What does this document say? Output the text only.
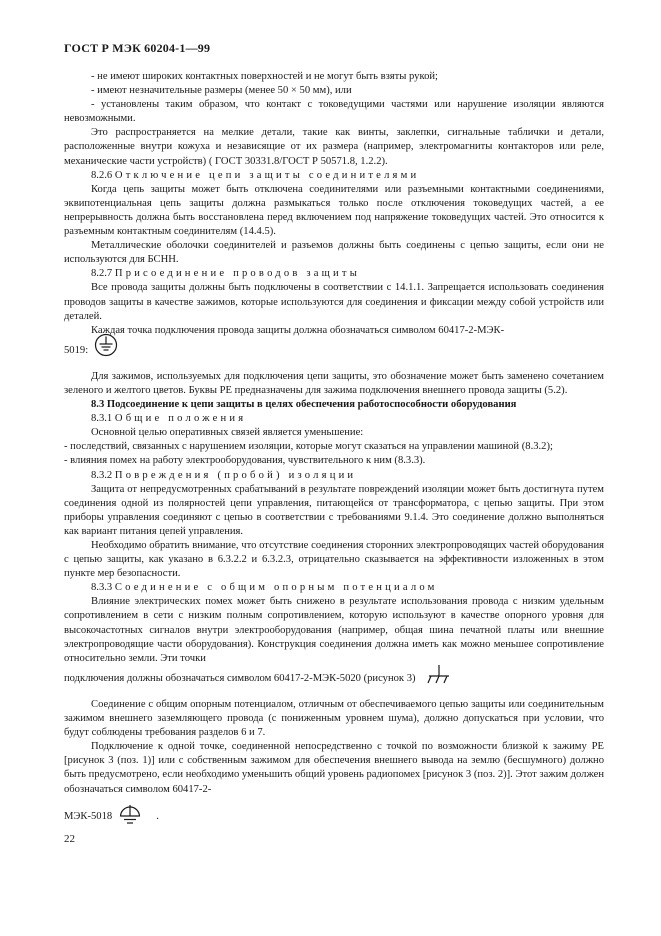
ГОСТ Р МЭК 60204-1—99

- не имеют широких контактных поверхностей и не могут быть взяты рукой;

- имеют незначительные размеры (менее 50 × 50 мм), или

- установлены таким образом, что контакт с токоведущими частями или нарушение изоляции являются невозможными.

Это распространяется на мелкие детали, такие как винты, заклепки, сигнальные таблички и детали, расположенные внутри кожуха и независящие от их размера (например, электромагниты контакторов или реле, механические части устройств) ( ГОСТ 30331.8/ГОСТ Р 50571.8, 1.2.2).

8.2.6 Отключение цепи защиты соединителями

Когда цепь защиты может быть отключена соединителями или разъемными контактными соединениями, эквипотенциальная цепь защиты должна размыкаться только после отключения токоведущих частей, а ее непрерывность должна быть восстановлена перед включением под напряжение токоведущих частей. Это относится к разъемным контактным соединителям (14.4.5).

Металлические оболочки соединителей и разъемов должны быть соединены с цепью защиты, если они не используются для БСНН.

8.2.7 Присоединение проводов защиты

Все провода защиты должны быть подключены в соответствии с 14.1.1. Запрещается использовать соединения проводов защиты в качестве зажимов, которые используются для соединения и фиксации между собой устройств или деталей.

Каждая точка подключения провода защиты должна обозначаться символом 60417-2-МЭК-

5019:

Для зажимов, используемых для подключения цепи защиты, это обозначение может быть заменено сочетанием зеленого и желтого цветов. Буквы РЕ предназначены для зажима подключения внешнего провода защиты (5.2).

8.3 Подсоединение к цепи защиты в целях обеспечения работоспособности оборудования

8.3.1 Общие положения

Основной целью оперативных связей является уменьшение:

- последствий, связанных с нарушением изоляции, которые могут сказаться на управлении машиной (8.3.2);

- влияния помех на работу электрооборудования, чувствительного к ним (8.3.3).

8.3.2 Повреждения (пробой) изоляции

Защита от непредусмотренных срабатываний в результате повреждений изоляции может быть достигнута путем соединения одной из полярностей цепи управления, питающейся от трансформатора, с цепью защиты. При этом приборы управления соединяют с цепью в соответствии с требованиями 9.1.4. Это соединение должно выполняться как вариант питания цепей управления.

Необходимо обратить внимание, что отсутствие соединения сторонних электропроводящих частей оборудования с цепью защиты, как указано в 6.3.2.2 и 6.3.2.3, отрицательно сказывается на эффективности изложенных в этом пункте мер безопасности.

8.3.3 Соединение с общим опорным потенциалом

Влияние электрических помех может быть снижено в результате использования провода с низким удельным сопротивлением в сети с низким полным сопротивлением, которую используют в качестве опорного уровня для высокочастотных сигналов внутри электрооборудования (например, общая шина печатной платы или внешние электропроводящие части оборудования). Конструкция соединения должна иметь как можно меньшее сопротивление относительно земли. Эти точки

подключения должны обозначаться символом 60417-2-МЭК-5020 (рисунок 3)

Соединение с общим опорным потенциалом, отличным от обеспечиваемого цепью защиты или соединительным зажимом внешнего заземляющего провода (с пониженным уровнем шума), должно допускаться при условии, что будут соблюдены требования разделов 6 и 7.

Подключение к одной точке, соединенной непосредственно с точкой по возможности близкой к зажиму РЕ [рисунок 3 (поз. 1)] или с собственным зажимом для обеспечения внешнего вывода на землю (бесшумного) должно быть предусмотрено, если необходимо уменьшить общий уровень радиопомех [рисунок 3 (поз. 2)]. Этот зажим должен обозначаться символом 60417-2-

МЭК-5018	.

22
